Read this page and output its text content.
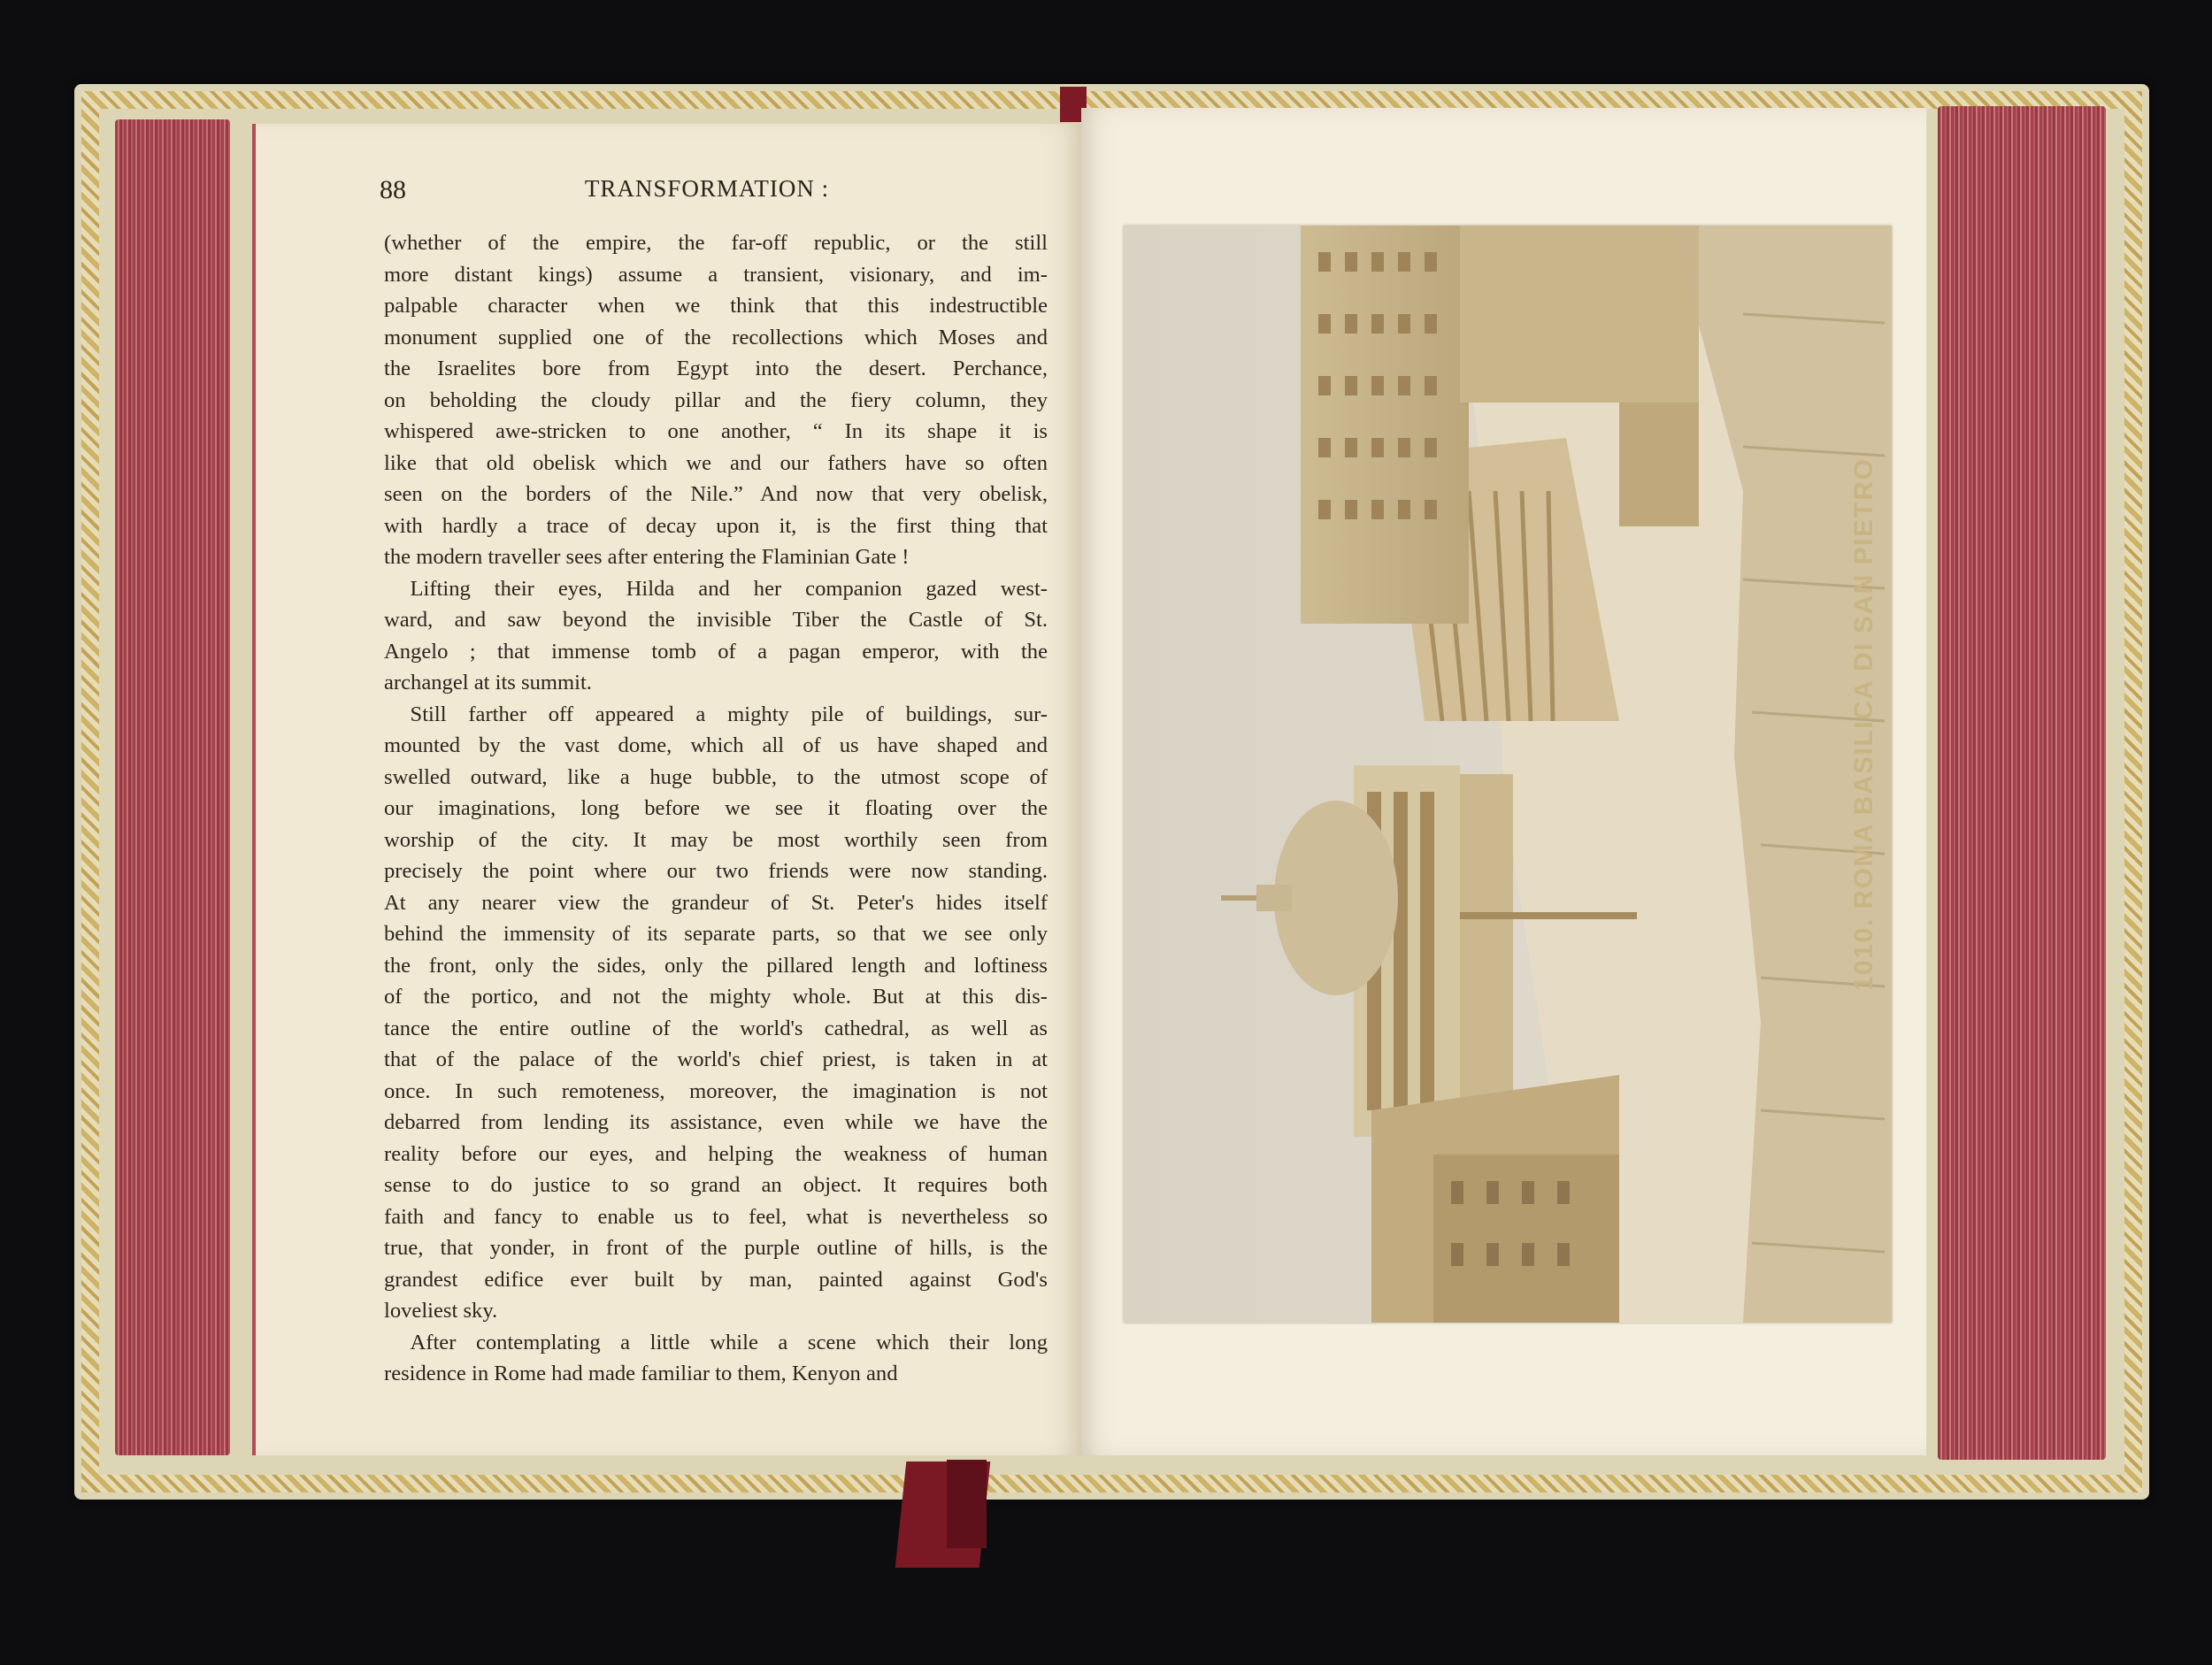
TRANSFORMATION :
88
(whether of the empire, the far-off republic, or the still
more distant kings) assume a transient, visionary, and im-
palpable character when we think that this indestructible
monument supplied one of the recollections which Moses and
the Israelites bore from Egypt into the desert. Perchance,
on beholding the cloudy pillar and the fiery column, they
whispered awe-stricken to one another, “ In its shape it is
like that old obelisk which we and our fathers have so often
seen on the borders of the Nile.” And now that very obelisk,
with hardly a trace of decay upon it, is the first thing that
the modern traveller sees after entering the Flaminian Gate !
Lifting their eyes, Hilda and her companion gazed west-
ward, and saw beyond the invisible Tiber the Castle of St.
Angelo ; that immense tomb of a pagan emperor, with the
archangel at its summit.
Still farther off appeared a mighty pile of buildings, sur-
mounted by the vast dome, which all of us have shaped and
swelled outward, like a huge bubble, to the utmost scope of
our imaginations, long before we see it floating over the
worship of the city. It may be most worthily seen from
precisely the point where our two friends were now standing.
At any nearer view the grandeur of St. Peter's hides itself
behind the immensity of its separate parts, so that we see only
the front, only the sides, only the pillared length and loftiness
of the portico, and not the mighty whole. But at this dis-
tance the entire outline of the world's cathedral, as well as
that of the palace of the world's chief priest, is taken in at
once. In such remoteness, moreover, the imagination is not
debarred from lending its assistance, even while we have the
reality before our eyes, and helping the weakness of human
sense to do justice to so grand an object. It requires both
faith and fancy to enable us to feel, what is nevertheless so
true, that yonder, in front of the purple outline of hills, is the
grandest edifice ever built by man, painted against God's
loveliest sky.
After contemplating a little while a scene which their long
residence in Rome had made familiar to them, Kenyon and
1010. ROMA BASILICA DI SAN PIETRO
